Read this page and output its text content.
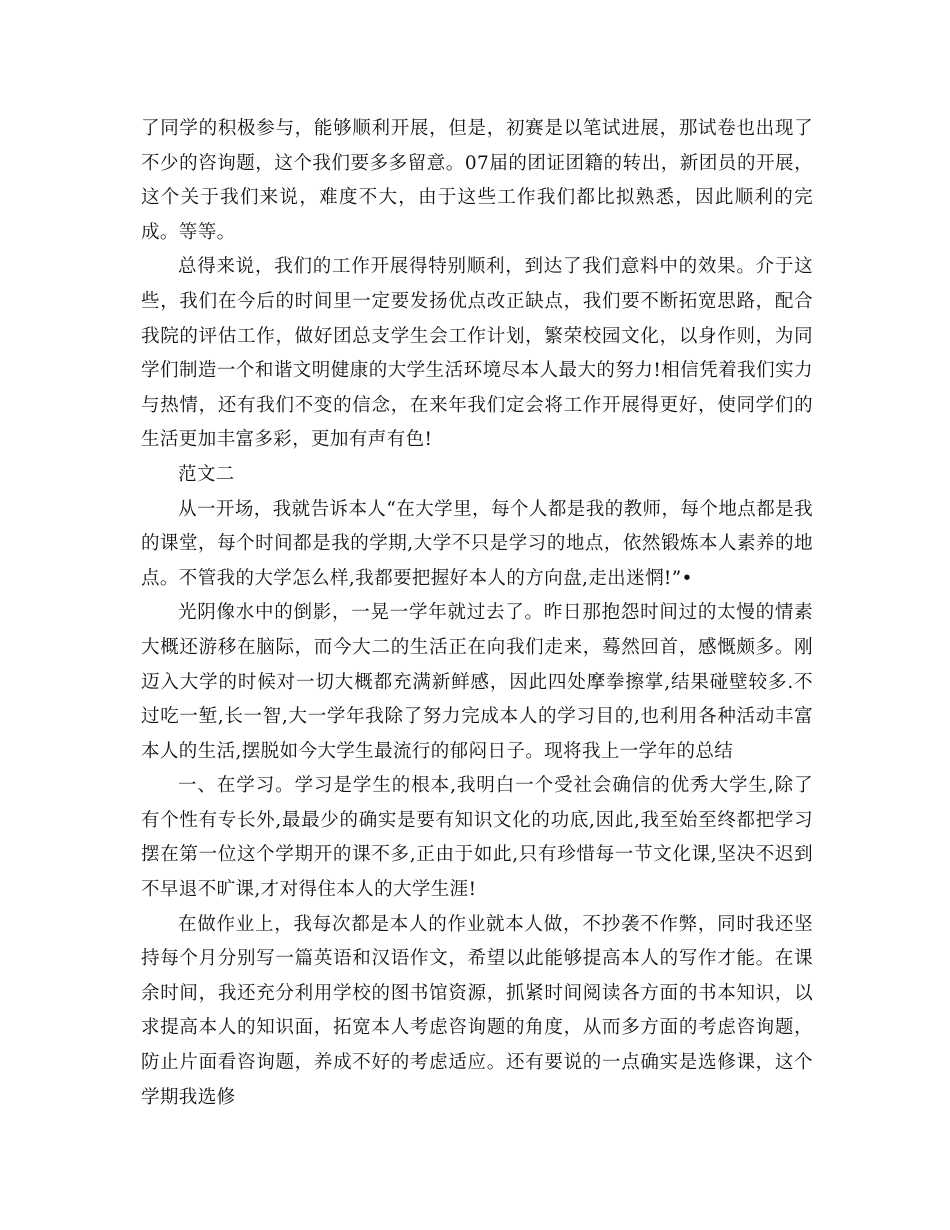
了同学的积极参与，能够顺利开展，但是，初赛是以笔试进展，那试卷也出现了不少的咨询题，这个我们要多多留意。07届的团证团籍的转出，新团员的开展，这个关于我们来说，难度不大，由于这些工作我们都比拟熟悉，因此顺利的完成。等等。

总得来说，我们的工作开展得特别顺利，到达了我们意料中的效果。介于这些，我们在今后的时间里一定要发扬优点改正缺点，我们要不断拓宽思路，配合我院的评估工作，做好团总支学生会工作计划，繁荣校园文化，以身作则，为同学们制造一个和谐文明健康的大学生活环境尽本人最大的努力!相信凭着我们实力与热情，还有我们不变的信念，在来年我们定会将工作开展得更好，使同学们的生活更加丰富多彩，更加有声有色!

范文二

从一开场，我就告诉本人“在大学里，每个人都是我的教师，每个地点都是我的课堂，每个时间都是我的学期,大学不只是学习的地点，依然锻炼本人素养的地点。不管我的大学怎么样,我都要把握好本人的方向盘,走出迷惘!”•

光阴像水中的倒影，一晃一学年就过去了。昨日那抱怨时间过的太慢的情素大概还游移在脑际，而今大二的生活正在向我们走来，蓦然回首，感慨颇多。刚迈入大学的时候对一切大概都充满新鲜感，因此四处摩拳擦掌,结果碰壁较多.不过吃一堑,长一智,大一学年我除了努力完成本人的学习目的,也利用各种活动丰富本人的生活,摆脱如今大学生最流行的郁闷日子。现将我上一学年的总结

一、在学习。学习是学生的根本,我明白一个受社会确信的优秀大学生,除了有个性有专长外,最最少的确实是要有知识文化的功底,因此,我至始至终都把学习摆在第一位这个学期开的课不多,正由于如此,只有珍惜每一节文化课,坚决不迟到不早退不旷课,才对得住本人的大学生涯!

在做作业上，我每次都是本人的作业就本人做，不抄袭不作弊，同时我还坚持每个月分别写一篇英语和汉语作文，希望以此能够提高本人的写作才能。在课余时间，我还充分利用学校的图书馆资源，抓紧时间阅读各方面的书本知识，以求提高本人的知识面，拓宽本人考虑咨询题的角度，从而多方面的考虑咨询题，防止片面看咨询题，养成不好的考虑适应。还有要说的一点确实是选修课，这个学期我选修
